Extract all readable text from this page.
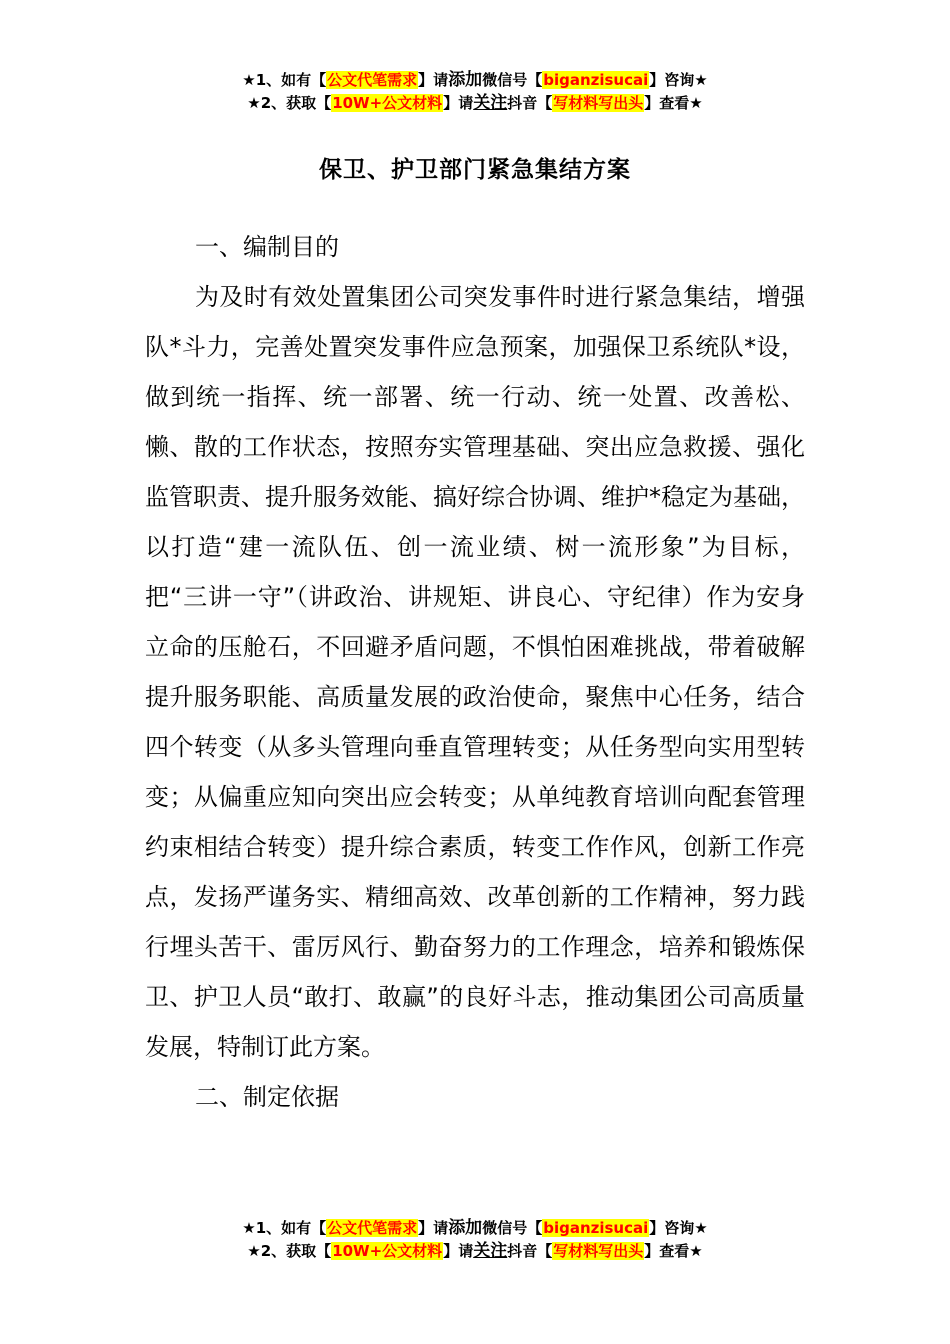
★1、如有【公文代笔需求】请添加微信号【biganzisucai】咨询★
★2、获取【10W+公文材料】请关注抖音【写材料写出头】查看★
保卫、护卫部门紧急集结方案

一、编制目的

为及时有效处置集团公司突发事件时进行紧急集结，增强队*斗力，完善处置突发事件应急预案，加强保卫系统队*设，做到统一指挥、统一部署、统一行动、统一处置、改善松、懒、散的工作状态，按照夯实管理基础、突出应急救援、强化监管职责、提升服务效能、搞好综合协调、维护*稳定为基础，以打造“建一流队伍、创一流业绩、树一流形象”为目标，把“三讲一守”（讲政治、讲规矩、讲良心、守纪律）作为安身立命的压舱石，不回避矛盾问题，不惧怕困难挑战，带着破解提升服务职能、高质量发展的政治使命，聚焦中心任务，结合四个转变（从多头管理向垂直管理转变；从任务型向实用型转变；从偏重应知向突出应会转变；从单纯教育培训向配套管理约束相结合转变）提升综合素质，转变工作作风，创新工作亮点，发扬严谨务实、精细高效、改革创新的工作精神，努力践行埋头苦干、雷厉风行、勤奋努力的工作理念，培养和锻炼保卫、护卫人员“敢打、敢赢”的良好斗志，推动集团公司高质量发展，特制订此方案。

二、制定依据

★1、如有【公文代笔需求】请添加微信号【biganzisucai】咨询★
★2、获取【10W+公文材料】请关注抖音【写材料写出头】查看★
